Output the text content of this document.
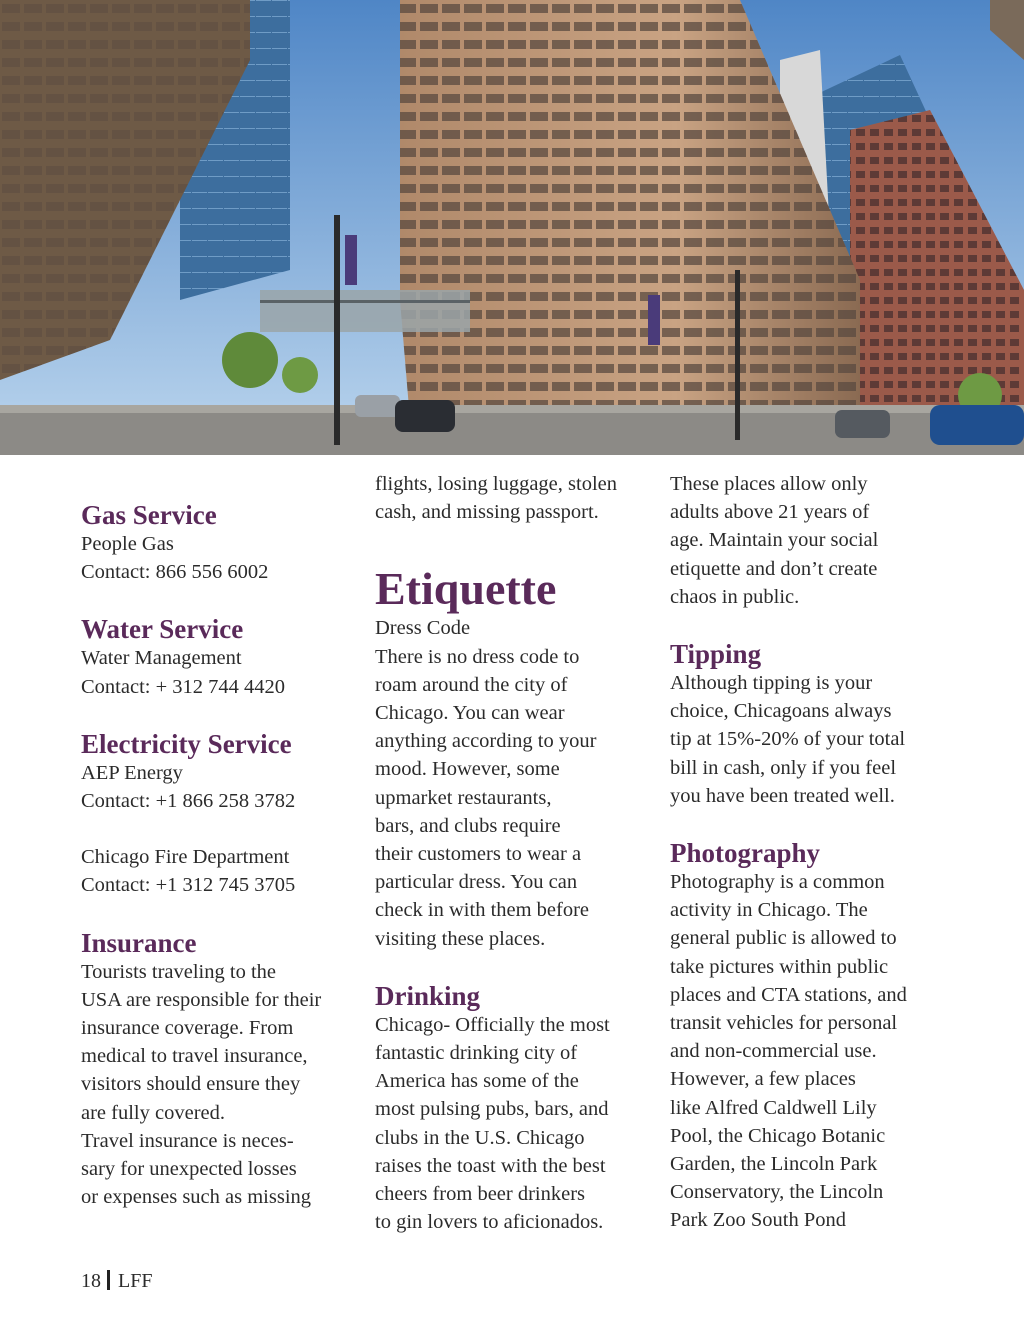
Gas Service

People Gas

Contact: 866 556 6002

Water Service

Water Management

Contact: + 312 744 4420

Electricity Service

AEP Energy

Contact: +1 866 258 3782

Chicago Fire Department

Contact: +1 312 745 3705

Insurance

Tourists traveling to the

USA are responsible for their

insurance coverage. From

medical to travel insurance,

visitors should ensure they

are fully covered.

Travel insurance is neces-

sary for unexpected losses

or expenses such as missing

flights, losing luggage, stolen

cash, and missing passport.

Etiquette

Dress Code

There is no dress code to

roam around the city of

Chicago. You can wear

anything according to your

mood. However, some

upmarket restaurants,

bars, and clubs require

their customers to wear a

particular dress. You can

check in with them before

visiting these places.

Drinking

Chicago- Officially the most

fantastic drinking city of

America has some of the

most pulsing pubs, bars, and

clubs in the U.S. Chicago

raises the toast with the best

cheers from beer drinkers

to gin lovers to aficionados.

These places allow only

adults above 21 years of

age. Maintain your social

etiquette and don’t create

chaos in public.

Tipping

Although tipping is your

choice, Chicagoans always

tip at 15%-20% of your total

bill in cash, only if you feel

you have been treated well.

Photography

Photography is a common

activity in Chicago. The

general public is allowed to

take pictures within public

places and CTA stations, and

transit vehicles for personal

and non-commercial use.

However, a few places

like Alfred Caldwell Lily

Pool, the Chicago Botanic

Garden, the Lincoln Park

Conservatory, the Lincoln

Park Zoo South Pond

18 LFF
